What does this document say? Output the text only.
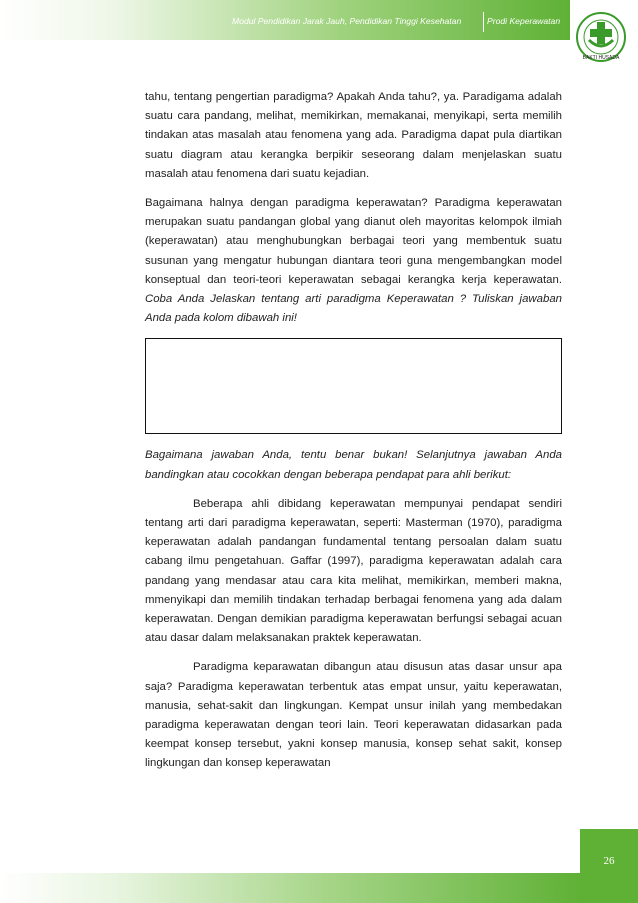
Modul Pendidikan Jarak Jauh, Pendidikan Tinggi Kesehatan	Prodi Keperawatan
BAKTI HUSADA

tahu, tentang pengertian paradigma? Apakah Anda tahu?, ya. Paradigama adalah suatu cara pandang, melihat, memikirkan, memakanai, menyikapi, serta memilih tindakan atas masalah atau fenomena yang ada. Paradigma dapat pula diartikan suatu diagram atau kerangka berpikir seseorang dalam menjelaskan suatu masalah atau fenomena dari suatu kejadian.

Bagaimana halnya dengan paradigma keperawatan? Paradigma keperawatan merupakan suatu pandangan global yang dianut oleh mayoritas kelompok ilmiah (keperawatan) atau menghubungkan berbagai teori yang membentuk suatu susunan yang mengatur hubungan diantara teori guna mengembangkan model konseptual dan teori-teori keperawatan sebagai kerangka kerja keperawatan. Coba Anda Jelaskan tentang arti paradigma Keperawatan ? Tuliskan jawaban Anda pada kolom dibawah ini!

Bagaimana jawaban Anda, tentu benar bukan! Selanjutnya jawaban Anda bandingkan atau cocokkan dengan beberapa pendapat para ahli berikut:

Beberapa ahli dibidang keperawatan mempunyai pendapat sendiri tentang arti dari paradigma keperawatan, seperti: Masterman (1970), paradigma keperawatan adalah pandangan fundamental tentang persoalan dalam suatu cabang ilmu pengetahuan. Gaffar (1997), paradigma keperawatan adalah cara pandang yang mendasar atau cara kita melihat, memikirkan, memberi makna, mmenyikapi dan memilih tindakan terhadap berbagai fenomena yang ada dalam keperawatan. Dengan demikian paradigma keperawatan berfungsi sebagai acuan atau dasar dalam melaksanakan praktek keperawatan.

Paradigma keparawatan dibangun atau disusun atas dasar unsur apa saja? Paradigma keperawatan terbentuk atas empat unsur, yaitu keperawatan, manusia, sehat-sakit dan lingkungan. Kempat unsur inilah yang membedakan paradigma keperawatan dengan teori lain. Teori keperawatan didasarkan pada keempat konsep tersebut, yakni konsep manusia, konsep sehat sakit, konsep lingkungan dan konsep keperawatan

26
